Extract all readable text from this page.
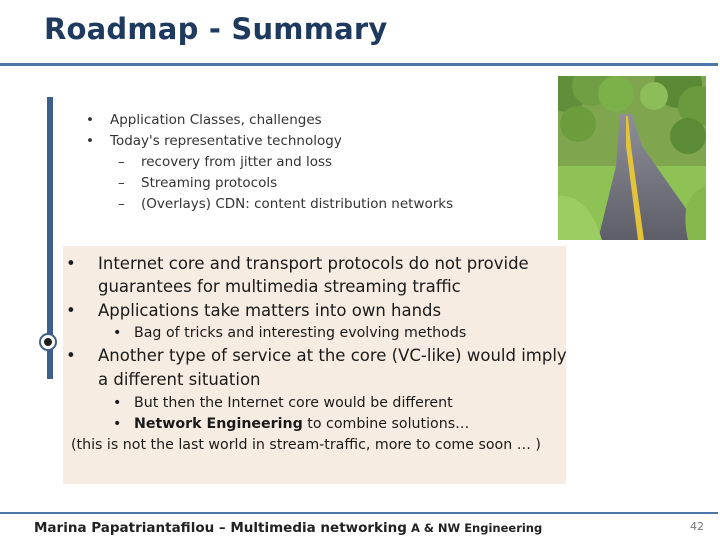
Roadmap - Summary
• Application Classes, challenges
• Today's representative technology
– recovery from jitter and loss
– Streaming protocols
– (Overlays) CDN: content distribution networks
• Internet core and transport protocols do not provide
guarantees for multimedia streaming traffic
• Applications take matters into own hands
• Bag of tricks and interesting evolving methods
• Another type of service at the core (VC-like) would imply
a different situation
• But then the Internet core would be different
• Network Engineering to combine solutions…
(this is not the last world in stream-traffic, more to come soon … )
Marina Papatriantafilou – Multimedia networking A & NW Engineering	42
